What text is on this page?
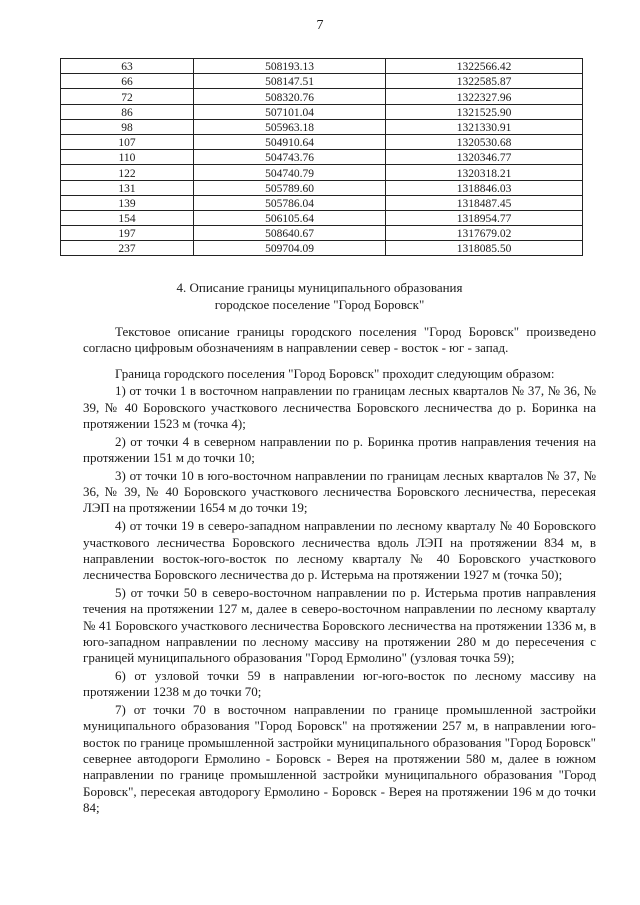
7
63	508193.13	1322566.42
66	508147.51	1322585.87
72	508320.76	1322327.96
86	507101.04	1321525.90
98	505963.18	1321330.91
107	504910.64	1320530.68
110	504743.76	1320346.77
122	504740.79	1320318.21
131	505789.60	1318846.03
139	505786.04	1318487.45
154	506105.64	1318954.77
197	508640.67	1317679.02
237	509704.09	1318085.50
4. Описание границы муниципального образования
городское поселение "Город Боровск"

Текстовое описание границы городского поселения "Город Боровск" произведено согласно цифровым обозначениям в направлении север - восток - юг - запад.

Граница городского поселения "Город Боровск" проходит следующим образом:

1) от точки 1 в восточном направлении по границам лесных кварталов № 37, № 36, № 39, № 40 Боровского участкового лесничества Боровского лесничества до р. Боринка на протяжении 1523 м (точка 4);

2) от точки 4 в северном направлении по р. Боринка против направления течения на протяжении 151 м до точки 10;

3) от точки 10 в юго-восточном направлении по границам лесных кварталов № 37, № 36, № 39, № 40 Боровского участкового лесничества Боровского лесничества, пересекая ЛЭП на протяжении 1654 м до точки 19;

4) от точки 19 в северо-западном направлении по лесному кварталу № 40 Боровского участкового лесничества Боровского лесничества вдоль ЛЭП на протяжении 834 м, в направлении восток-юго-восток по лесному кварталу № 40 Боровского участкового лесничества Боровского лесничества до р. Истерьма на протяжении 1927 м (точка 50);

5) от точки 50 в северо-восточном направлении по р. Истерьма против направления течения на протяжении 127 м, далее в северо-восточном направлении по лесному кварталу № 41 Боровского участкового лесничества Боровского лесничества на протяжении 1336 м, в юго-западном направлении по лесному массиву на протяжении 280 м до пересечения с границей муниципального образования "Город Ермолино" (узловая точка 59);

6) от узловой точки 59 в направлении юг-юго-восток по лесному массиву на протяжении 1238 м до точки 70;

7) от точки 70 в восточном направлении по границе промышленной застройки муниципального образования "Город Боровск" на протяжении 257 м, в направлении юго-восток по границе промышленной застройки муниципального образования "Город Боровск" севернее автодороги Ермолино - Боровск - Верея на протяжении 580 м, далее в южном направлении по границе промышленной застройки муниципального образования "Город Боровск", пересекая автодорогу Ермолино - Боровск - Верея на протяжении 196 м до точки 84;
